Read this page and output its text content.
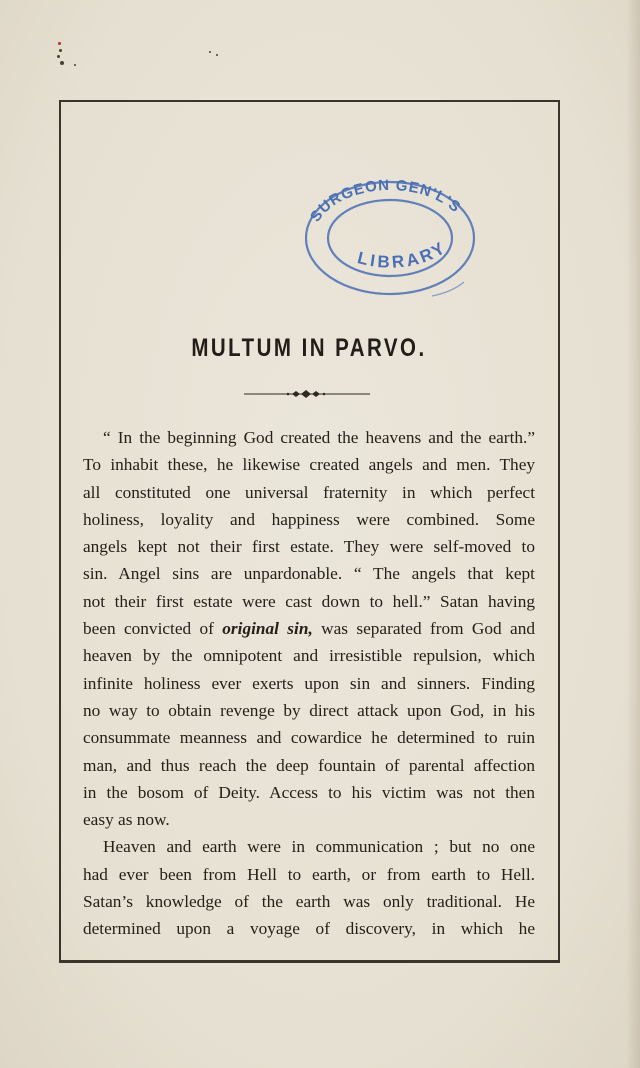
SURGEON GEN'L'S
LIBRARY
MULTUM IN PARVO.
“ In the beginning God created the heavens and the earth.”
To inhabit these, he likewise created angels and men. They
all constituted one universal fraternity in which perfect
holiness, loyality and happiness were combined. Some
angels kept not their first estate. They were self-moved to
sin. Angel sins are unpardonable. “ The angels that kept
not their first estate were cast down to hell.” Satan having
been convicted of original sin, was separated from God and
heaven by the omnipotent and irresistible repulsion, which
infinite holiness ever exerts upon sin and sinners. Finding
no way to obtain revenge by direct attack upon God, in his
consummate meanness and cowardice he determined to ruin
man, and thus reach the deep fountain of parental affection
in the bosom of Deity. Access to his victim was not then
easy as now.
Heaven and earth were in communication ; but no one
had ever been from Hell to earth, or from earth to Hell.
Satan’s knowledge of the earth was only traditional. He
determined upon a voyage of discovery, in which he
